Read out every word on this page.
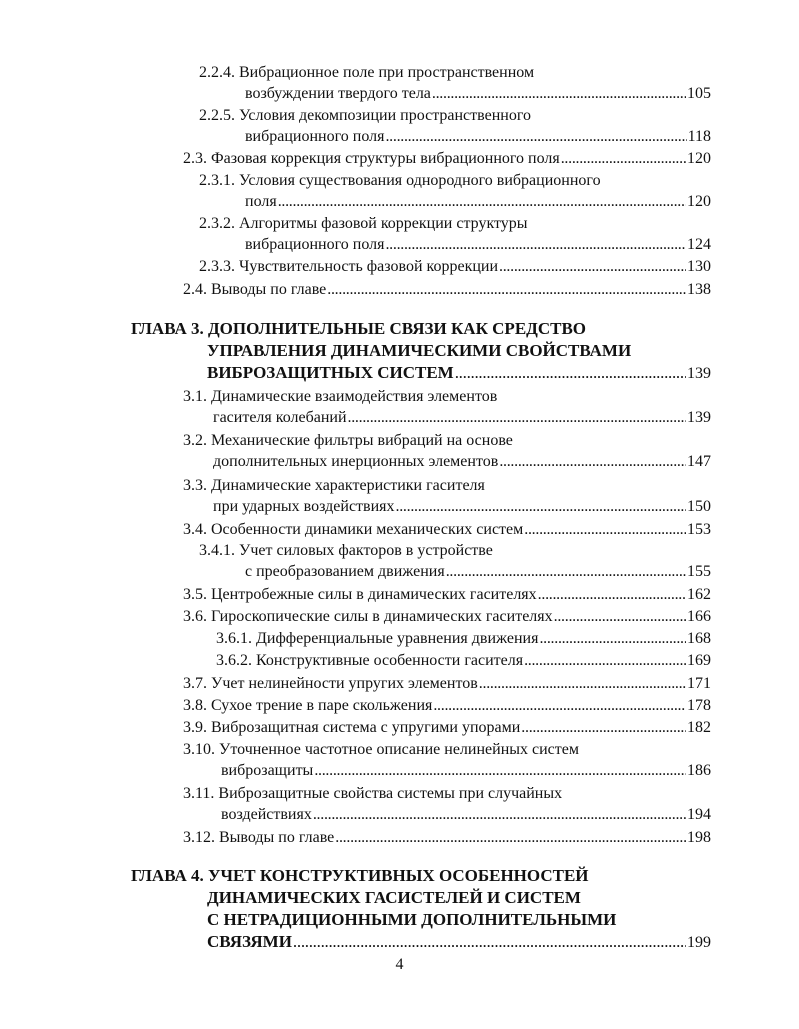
2.2.4. Вибрационное поле при пространственном
возбуждении твердого тела .....	105
2.2.5. Условия декомпозиции пространственного
вибрационного поля .....	118
2.3. Фазовая коррекция структуры вибрационного поля .....	120
2.3.1. Условия существования однородного вибрационного
поля .....	120
2.3.2. Алгоритмы фазовой коррекции структуры
вибрационного поля .....	124
2.3.3. Чувствительность фазовой коррекции .....	130
2.4. Выводы по главе .....	138
ГЛАВА 3. ДОПОЛНИТЕЛЬНЫЕ СВЯЗИ КАК СРЕДСТВО
УПРАВЛЕНИЯ ДИНАМИЧЕСКИМИ СВОЙСТВАМИ
ВИБРОЗАЩИТНЫХ СИСТЕМ .....	139
3.1. Динамические взаимодействия элементов
гасителя колебаний .....	139
3.2. Механические фильтры вибраций на основе
дополнительных инерционных элементов .....	147
3.3. Динамические характеристики гасителя
при ударных воздействиях .....	150
3.4. Особенности динамики механических систем .....	153
3.4.1. Учет силовых факторов в устройстве
с преобразованием движения .....	155
3.5. Центробежные силы в динамических гасителях .....	162
3.6. Гироскопические силы в динамических гасителях .....	166
3.6.1. Дифференциальные уравнения движения .....	168
3.6.2. Конструктивные особенности гасителя .....	169
3.7. Учет нелинейности упругих элементов .....	171
3.8. Сухое трение в паре скольжения .....	178
3.9. Виброзащитная система с упругими упорами .....	182
3.10. Уточненное частотное описание нелинейных систем
виброзащиты .....	186
3.11. Виброзащитные свойства системы при случайных
воздействиях .....	194
3.12. Выводы по главе .....	198
ГЛАВА 4. УЧЕТ КОНСТРУКТИВНЫХ ОСОБЕННОСТЕЙ
ДИНАМИЧЕСКИХ ГАСИСТЕЛЕЙ И СИСТЕМ
С НЕТРАДИЦИОННЫМИ ДОПОЛНИТЕЛЬНЫМИ
СВЯЗЯМИ .....	199
4
